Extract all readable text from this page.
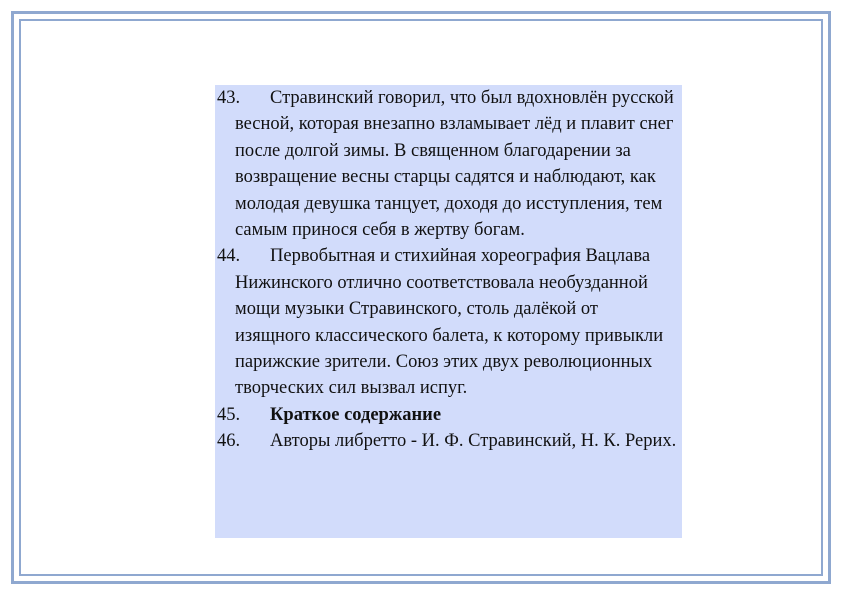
43. Стравинский говорил, что был вдохновлён русской весной, которая внезапно взламывает лёд и плавит снег после долгой зимы. В священном благодарении за возвращение весны старцы садятся и наблюдают, как молодая девушка танцует, доходя до исступления, тем самым принося себя в жертву богам.

44. Первобытная и стихийная хореография Вацлава Нижинского отлично соответствовала необузданной мощи музыки Стравинского, столь далёкой от изящного классического балета, к которому привыкли парижские зрители. Союз этих двух революционных творческих сил вызвал испуг.

45. Краткое содержание

46. Авторы либретто - И. Ф. Стравинский, Н. К. Рерих.
